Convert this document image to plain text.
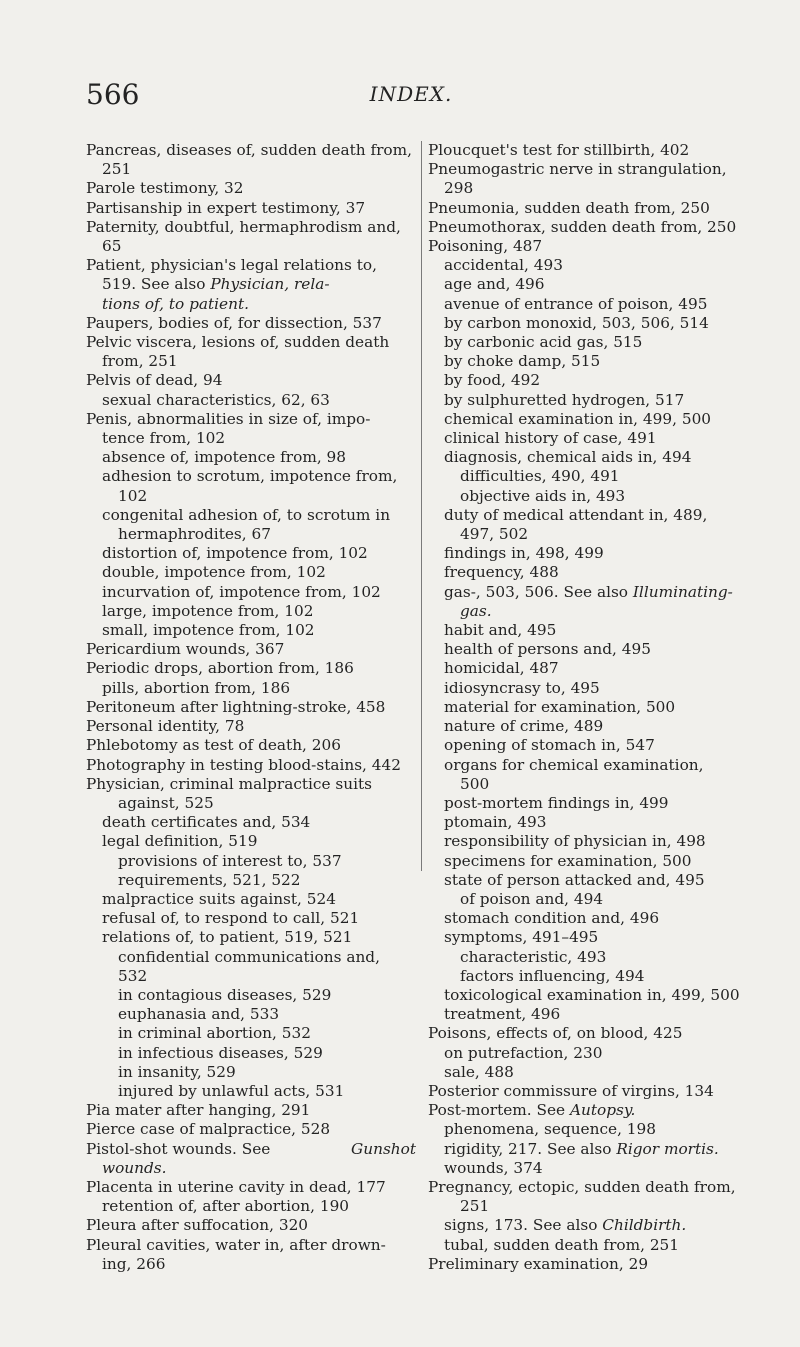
566	INDEX.

Pancreas, diseases of, sudden death from,

251

Parole testimony, 32

Partisanship in expert testimony, 37

Paternity, doubtful, hermaphrodism and,

65

Patient, physician's legal relations to,

519. See also Physician, rela-

tions of, to patient.

Paupers, bodies of, for dissection, 537

Pelvic viscera, lesions of, sudden death

from, 251

Pelvis of dead, 94

sexual characteristics, 62, 63

Penis, abnormalities in size of, impo-

tence from, 102

absence of, impotence from, 98

adhesion to scrotum, impotence from,

102

congenital adhesion of, to scrotum in

hermaphrodites, 67

distortion of, impotence from, 102

double, impotence from, 102

incurvation of, impotence from, 102

large, impotence from, 102

small, impotence from, 102

Pericardium wounds, 367

Periodic drops, abortion from, 186

pills, abortion from, 186

Peritoneum after lightning-stroke, 458

Personal identity, 78

Phlebotomy as test of death, 206

Photography in testing blood-stains, 442

Physician, criminal malpractice suits

against, 525

death certificates and, 534

legal definition, 519

provisions of interest to, 537

requirements, 521, 522

malpractice suits against, 524

refusal of, to respond to call, 521

relations of, to patient, 519, 521

confidential communications and,

532

in contagious diseases, 529

euphanasia and, 533

in criminal abortion, 532

in infectious diseases, 529

in insanity, 529

injured by unlawful acts, 531

Pia mater after hanging, 291

Pierce case of malpractice, 528

Pistol-shot wounds. See	Gunshot

wounds.

Placenta in uterine cavity in dead, 177

retention of, after abortion, 190

Pleura after suffocation, 320

Pleural cavities, water in, after drown-

ing, 266

Ploucquet's test for stillbirth, 402

Pneumogastric nerve in strangulation,

298

Pneumonia, sudden death from, 250

Pneumothorax, sudden death from, 250

Poisoning, 487

accidental, 493

age and, 496

avenue of entrance of poison, 495

by carbon monoxid, 503, 506, 514

by carbonic acid gas, 515

by choke damp, 515

by food, 492

by sulphuretted hydrogen, 517

chemical examination in, 499, 500

clinical history of case, 491

diagnosis, chemical aids in, 494

difficulties, 490, 491

objective aids in, 493

duty of medical attendant in, 489,

497, 502

findings in, 498, 499

frequency, 488

gas-, 503, 506. See also Illuminating-

gas.

habit and, 495

health of persons and, 495

homicidal, 487

idiosyncrasy to, 495

material for examination, 500

nature of crime, 489

opening of stomach in, 547

organs for chemical examination,

500

post-mortem findings in, 499

ptomain, 493

responsibility of physician in, 498

specimens for examination, 500

state of person attacked and, 495

of poison and, 494

stomach condition and, 496

symptoms, 491–495

characteristic, 493

factors influencing, 494

toxicological examination in, 499, 500

treatment, 496

Poisons, effects of, on blood, 425

on putrefaction, 230

sale, 488

Posterior commissure of virgins, 134

Post-mortem. See Autopsy.

phenomena, sequence, 198

rigidity, 217. See also Rigor mortis.

wounds, 374

Pregnancy, ectopic, sudden death from,

251

signs, 173. See also Childbirth.

tubal, sudden death from, 251

Preliminary examination, 29
